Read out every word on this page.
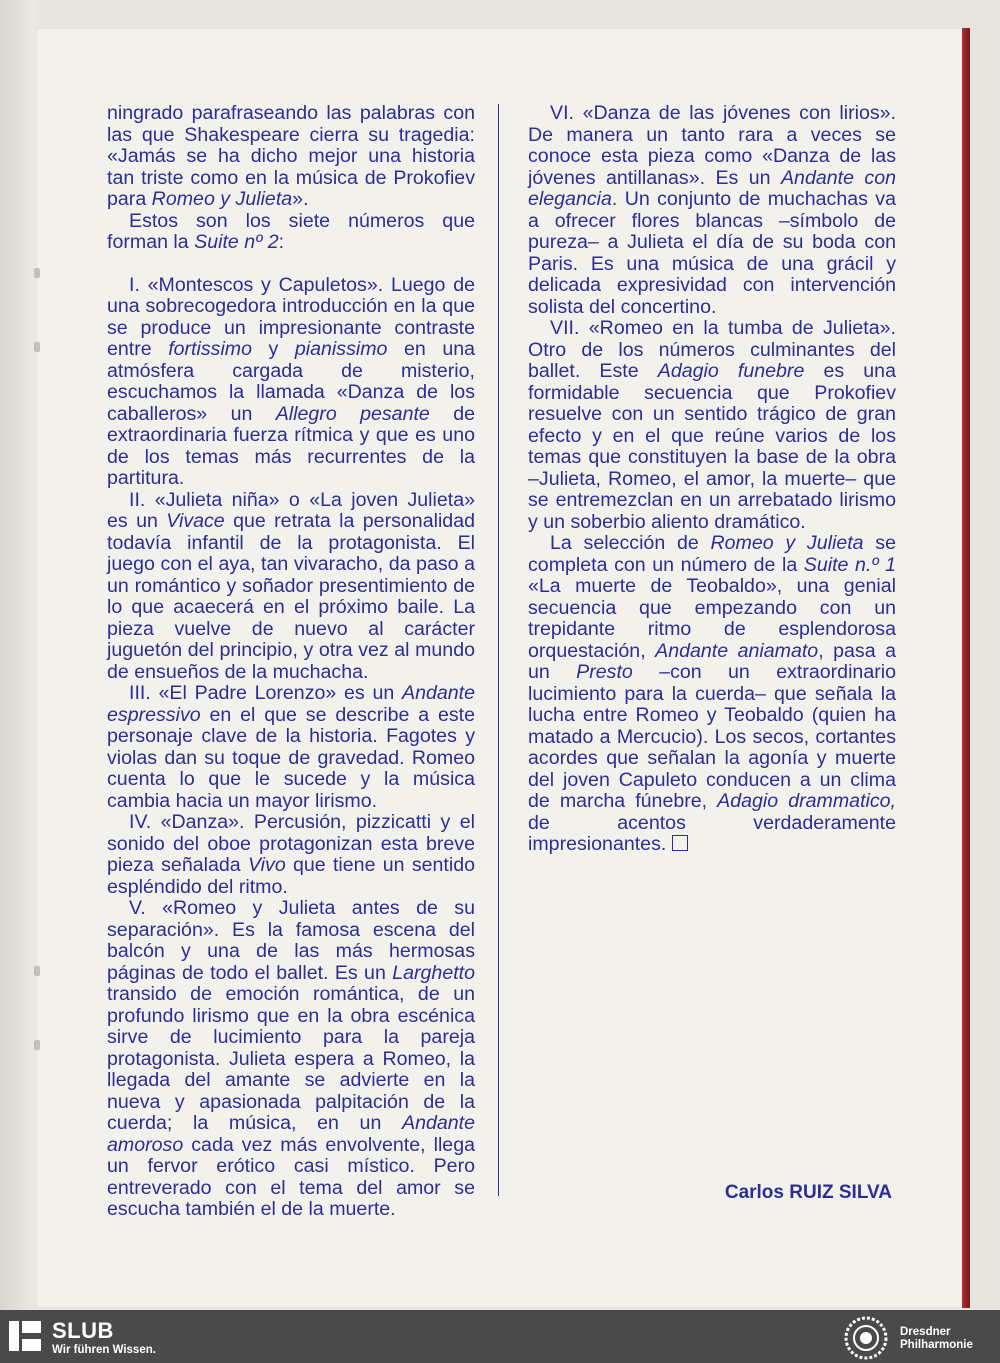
ningrado parafraseando las palabras con las que Shakespeare cierra su tragedia: «Jamás se ha dicho mejor una historia tan triste como en la música de Prokofiev para Romeo y Julieta».

Estos son los siete números que forman la Suite nº 2:

I. «Montescos y Capuletos». Luego de una sobrecogedora introducción en la que se produce un impresionante contraste entre fortissimo y pianissimo en una atmósfera cargada de misterio, escuchamos la llamada «Danza de los caballeros» un Allegro pesante de extraordinaria fuerza rítmica y que es uno de los temas más recurrentes de la partitura.

II. «Julieta niña» o «La joven Julieta» es un Vivace que retrata la personalidad todavía infantil de la protagonista. El juego con el aya, tan vivaracho, da paso a un romántico y soñador presentimiento de lo que acaecerá en el próximo baile. La pieza vuelve de nuevo al carácter juguetón del principio, y otra vez al mundo de ensueños de la muchacha.

III. «El Padre Lorenzo» es un Andante espressivo en el que se describe a este personaje clave de la historia. Fagotes y violas dan su toque de gravedad. Romeo cuenta lo que le sucede y la música cambia hacia un mayor lirismo.

IV. «Danza». Percusión, pizzicatti y el sonido del oboe protagonizan esta breve pieza señalada Vivo que tiene un sentido espléndido del ritmo.

V. «Romeo y Julieta antes de su separación». Es la famosa escena del balcón y una de las más hermosas páginas de todo el ballet. Es un Larghetto transido de emoción romántica, de un profundo lirismo que en la obra escénica sirve de lucimiento para la pareja protagonista. Julieta espera a Romeo, la llegada del amante se advierte en la nueva y apasionada palpitación de la cuerda; la música, en un Andante amoroso cada vez más envolvente, llega un fervor erótico casi místico. Pero entreverado con el tema del amor se escucha también el de la muerte.

VI. «Danza de las jóvenes con lirios». De manera un tanto rara a veces se conoce esta pieza como «Danza de las jóvenes antillanas». Es un Andante con eleganci​a. Un conjunto de muchachas va a ofrecer flores blancas –símbolo de pureza– a Julieta el día de su boda con Paris. Es una música de una grácil y delicada expresividad con intervención solista del concertino.

VII. «Romeo en la tumba de Julieta». Otro de los números culminantes del ballet. Este Adagio funebre es una formidable secuencia que Prokofiev resuelve con un sentido trágico de gran efecto y en el que reúne varios de los temas que constituyen la base de la obra –Julieta, Romeo, el amor, la muerte– que se entremezclan en un arrebatado lirismo y un soberbio aliento dramático.

La selección de Romeo y Julieta se completa con un número de la Suite n.º 1 «La muerte de Teobaldo», una genial secuencia que empezando con un trepidante ritmo de esplendorosa orquestación, Andante aniamato, pasa a un Presto –con un extraordinario lucimiento para la cuerda– que señala la lucha entre Romeo y Teobaldo (quien ha matado a Mercucio). Los secos, cortantes acordes que señalan la agonía y muerte del joven Capuleto conducen a un clima de marcha fúnebre, Adagio drammatico, de acentos verdaderamente impresionantes.

Carlos RUIZ SILVA
SLUB
Wir führen Wissen.
Dresdner
Philharmonie
